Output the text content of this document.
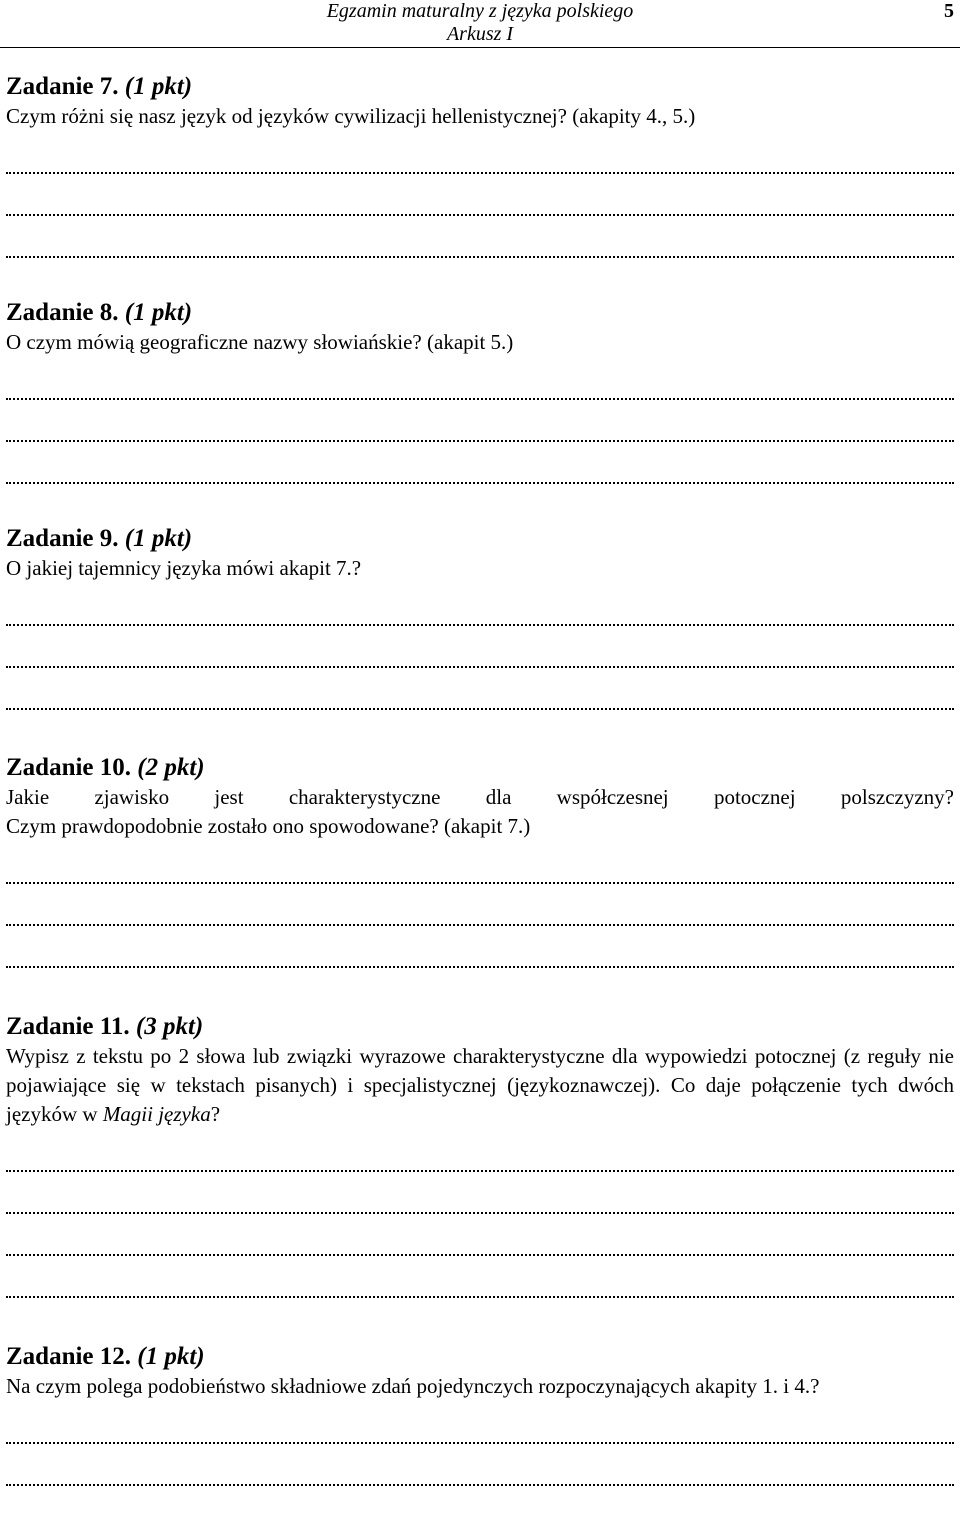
Egzamin maturalny z języka polskiego
Arkusz I
5
Zadanie 7. (1 pkt)
Czym różni się nasz język od języków cywilizacji hellenistycznej? (akapity 4., 5.)
Zadanie 8. (1 pkt)
O czym mówią geograficzne nazwy słowiańskie? (akapit 5.)
Zadanie 9. (1 pkt)
O jakiej tajemnicy języka mówi akapit 7.?
Zadanie 10. (2 pkt)
Jakie zjawisko jest charakterystyczne dla współczesnej potocznej polszczyzny?
Czym prawdopodobnie zostało ono spowodowane? (akapit 7.)
Zadanie 11. (3 pkt)
Wypisz z tekstu po 2 słowa lub związki wyrazowe charakterystyczne dla wypowiedzi potocznej (z reguły nie pojawiające się w tekstach pisanych) i specjalistycznej (językoznawczej). Co daje połączenie tych dwóch języków w Magii języka?
Zadanie 12. (1 pkt)
Na czym polega podobieństwo składniowe zdań pojedynczych rozpoczynających akapity 1. i 4.?
